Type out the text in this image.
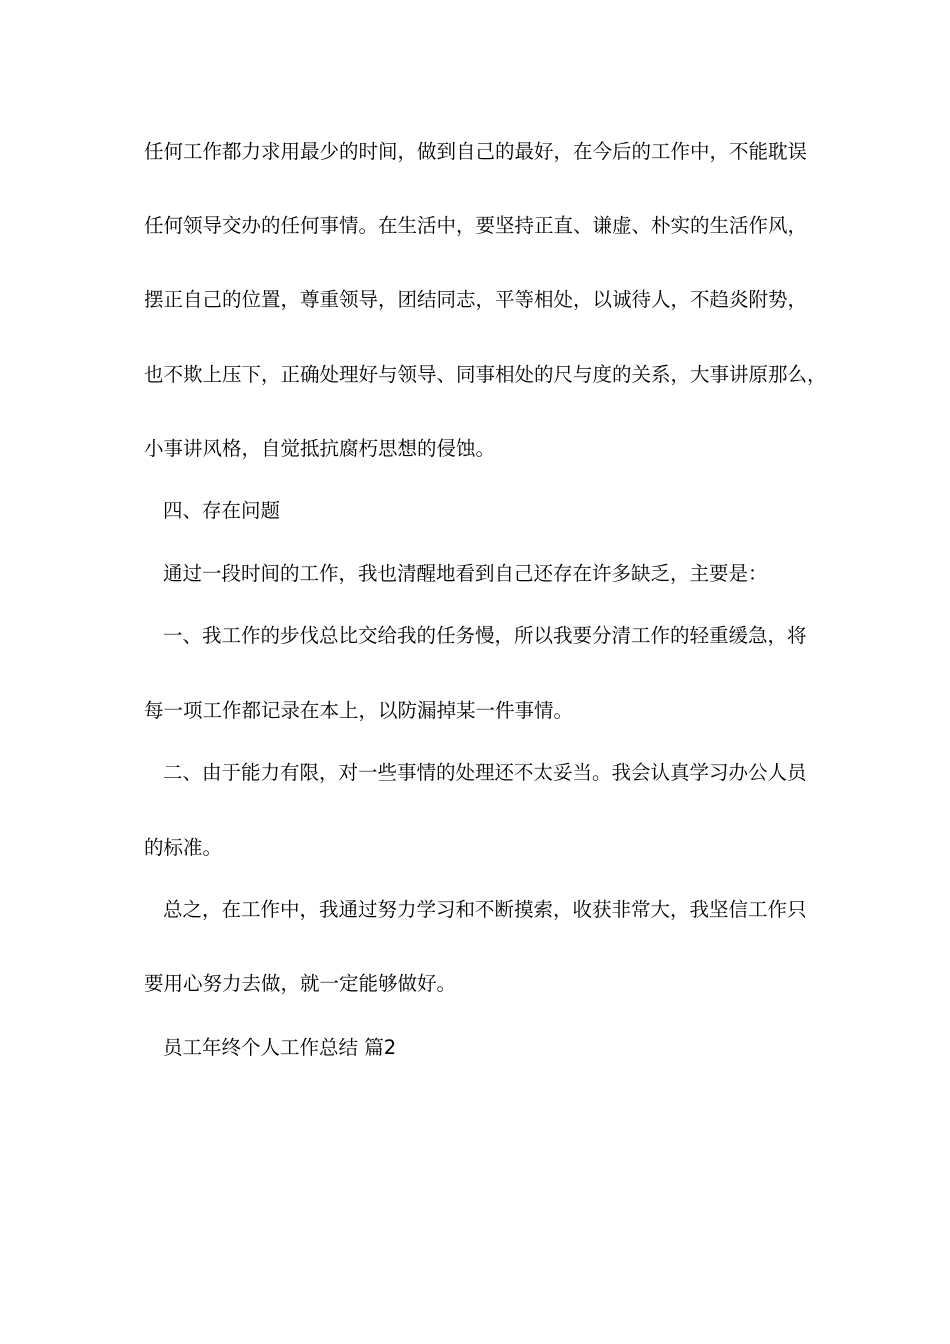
任何工作都力求用最少的时间，做到自己的最好，在今后的工作中，不能耽误
任何领导交办的任何事情。在生活中，要坚持正直、谦虚、朴实的生活作风，
摆正自己的位置，尊重领导，团结同志，平等相处，以诚待人，不趋炎附势，
也不欺上压下，正确处理好与领导、同事相处的尺与度的关系，大事讲原那么，
小事讲风格，自觉抵抗腐朽思想的侵蚀。
四、存在问题
通过一段时间的工作，我也清醒地看到自己还存在许多缺乏，主要是：
一、我工作的步伐总比交给我的任务慢，所以我要分清工作的轻重缓急，将
每一项工作都记录在本上，以防漏掉某一件事情。
二、由于能力有限，对一些事情的处理还不太妥当。我会认真学习办公人员
的标准。
总之，在工作中，我通过努力学习和不断摸索，收获非常大，我坚信工作只
要用心努力去做，就一定能够做好。
员工年终个人工作总结 篇2
